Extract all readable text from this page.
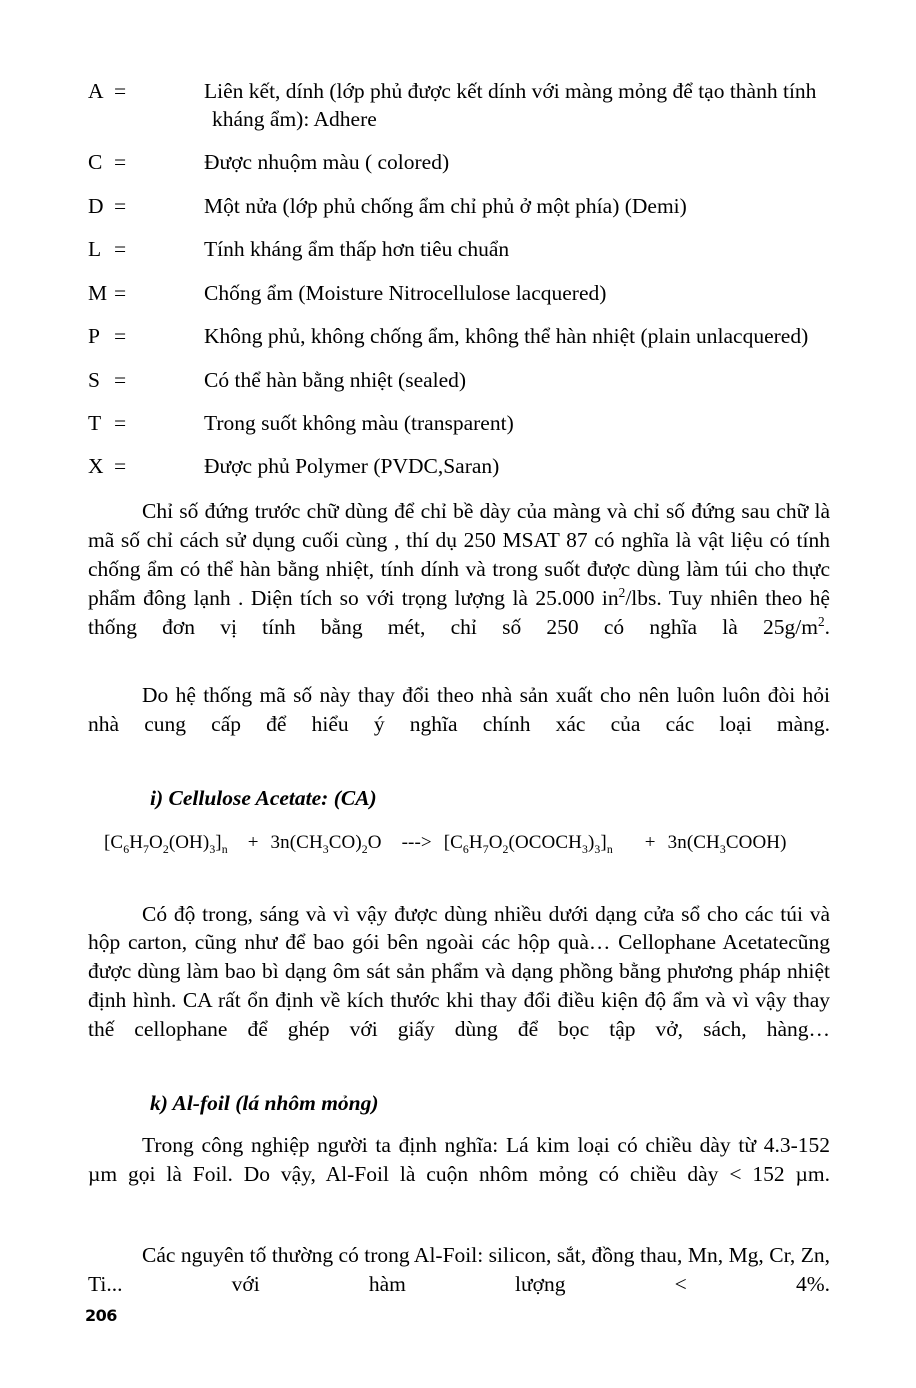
A =	Liên kết, dính (lớp phủ được kết dính với màng mỏng để tạo thành tính kháng ẩm): Adhere
C =	Được nhuộm màu ( colored)
D =	Một nửa (lớp phủ chống ẩm chỉ phủ ở một phía) (Demi)
L =	Tính kháng ẩm thấp hơn tiêu chuẩn
M =	Chống ẩm (Moisture Nitrocellulose lacquered)
P =	Không phủ, không chống ẩm, không thể hàn nhiệt (plain unlacquered)
S =	Có thể hàn bằng nhiệt (sealed)
T =	Trong suốt không màu (transparent)
X =	Được phủ Polymer (PVDC,Saran)

Chỉ số đứng trước chữ dùng để chỉ bề dày của màng và chỉ số đứng sau chữ là mã số chỉ cách sử dụng cuối cùng , thí dụ 250 MSAT 87 có nghĩa là vật liệu có tính chống ẩm có thể hàn bằng nhiệt, tính dính và trong suốt được dùng làm túi cho thực phẩm đông lạnh . Diện tích so với trọng lượng là 25.000 $in^2$/lbs. Tuy nhiên theo hệ thống đơn vị tính bằng mét, chỉ số 250 có nghĩa là $25g/m^2$.

Do hệ thống mã số này thay đổi theo nhà sản xuất cho nên luôn luôn đòi hỏi nhà cung cấp để hiểu ý nghĩa chính xác của các loại màng.

i) Cellulose Acetate: (CA)
$[C_6H_7O_2(OH)_3]_n + 3n(CH_3CO)_2O$ ---> $[C_6H_7O_2(OCOCH_3)_3]_n$ + $3n(CH_3COOH)$

Có độ trong, sáng và vì vậy được dùng nhiều dưới dạng cửa sổ cho các túi và hộp carton, cũng như để bao gói bên ngoài các hộp quà… Cellophane Acetatecũng được dùng làm bao bì dạng ôm sát sản phẩm và dạng phồng bằng phương pháp nhiệt định hình. CA rất ổn định về kích thước khi thay đổi điều kiện độ ẩm và vì vậy thay thế cellophane để ghép với giấy dùng để bọc tập vở, sách, hàng…

k) Al-foil (lá nhôm mỏng)

Trong công nghiệp người ta định nghĩa: Lá kim loại có chiều dày từ 4.3-152 µm gọi là Foil. Do vậy, Al-Foil là cuộn nhôm mỏng có chiều dày < 152 µm.

Các nguyên tố thường có trong Al-Foil: silicon, sắt, đồng thau, Mn, Mg, Cr, Zn, Ti... với hàm lượng < 4%.

206
